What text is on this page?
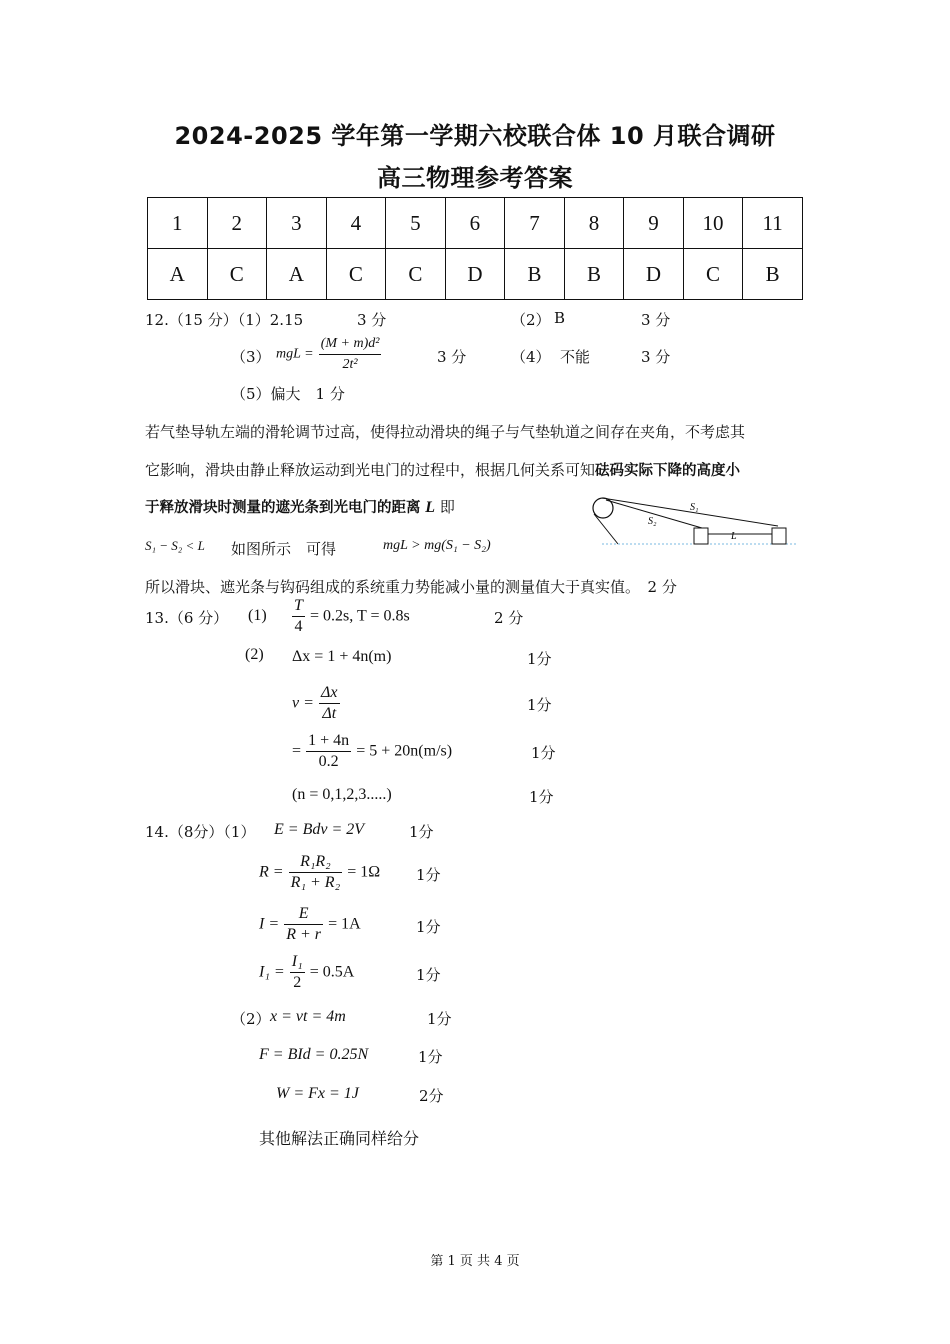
2024-2025 学年第一学期六校联合体 10 月联合调研
高三物理参考答案
1	2	3	4	5	6	7	8	9	10	11
A	C	A	C	C	D	B	B	D	C	B
12.（15 分）（1）2.15	3 分	（2） B	3 分
（3） mgL = $\frac{\text{(M + m)d²}}{\text{2t²}}$	3 分	（4） 不能	3 分
（5）偏大　1 分
若气垫导轨左端的滑轮调节过高，使得拉动滑块的绳子与气垫轨道之间存在夹角，不考虑其
它影响，滑块由静止释放运动到光电门的过程中，根据几何关系可知砝码实际下降的高度小
于释放滑块时测量的遮光条到光电门的距离 L 即	S₁
S₂
L
S₁ − S₂ < L 如图所示　可得	mgL > mg(S₁ − S₂)
所以滑块、遮光条与钩码组成的系统重力势能减小量的测量值大于真实值。　2 分
13.（6 分） $(1) \frac{T}{4} = 0.2s$, T = 0.8s	2 分
(2) Δx = 1 + 4n(m)	1分
$v = \frac{\Delta x}{\Delta t}$	1分
= $\frac{1 + 4n}{0.2} = 5 + 20n(m/s)$	1分
(n = 0,1,2,3.....)	1分
14.（8分）（1） E = Bdv = 2V	1分
$R = \frac{\text{R₁R₂}}{\text{R₁ + R₂}} = 1\Omega$ 1分
$I = \frac{E}{R + r} = 1A$	1分
$I_1 = \frac{\text{I₁}}{2} = 0.5A$	1分
（2） x = vt = 4m	1分
F = BId = 0.25N	1分
W = Fx = 1J	2分
其他解法正确同样给分
第 1 页 共 4 页
